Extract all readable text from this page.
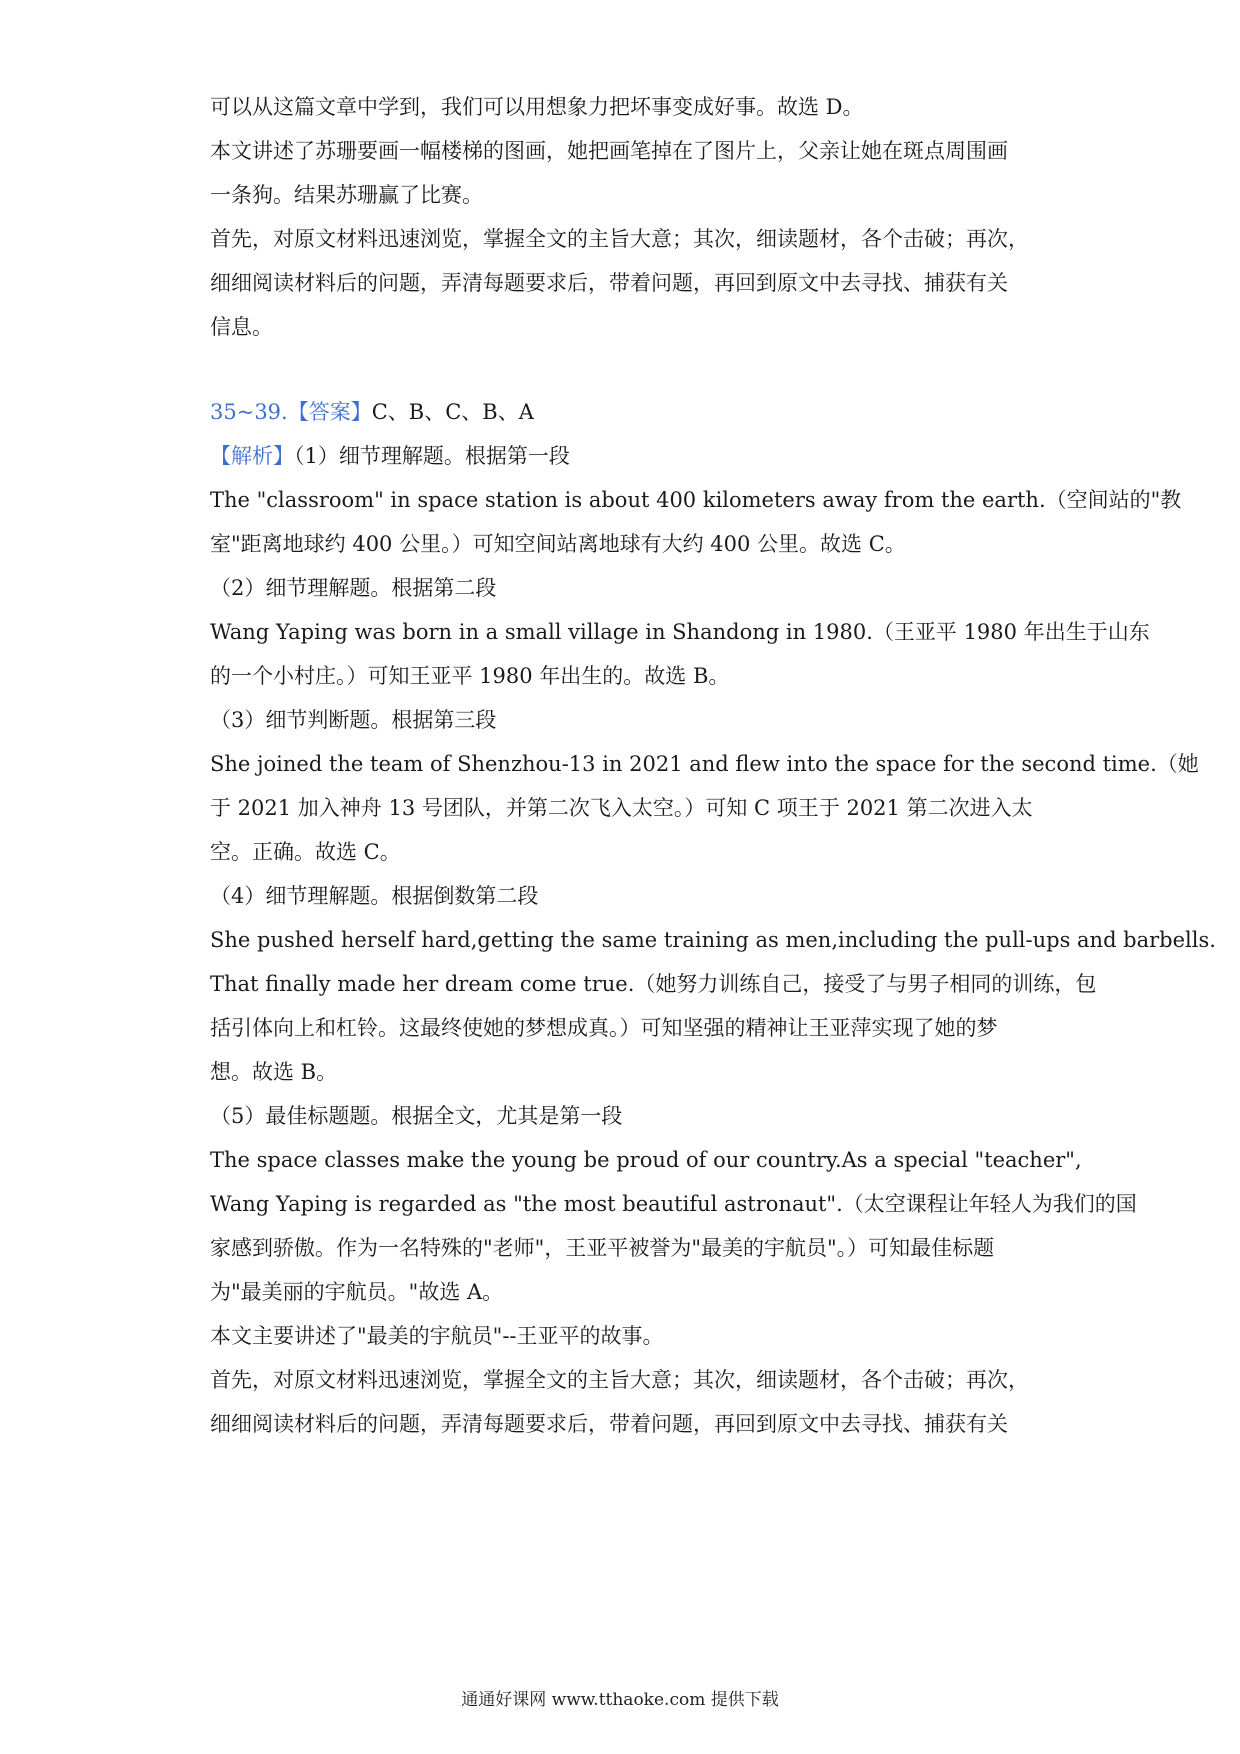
可以从这篇文章中学到，我们可以用想象力把坏事变成好事。故选 D。
本文讲述了苏珊要画一幅楼梯的图画，她把画笔掉在了图片上，父亲让她在斑点周围画
一条狗。结果苏珊赢了比赛。
首先，对原文材料迅速浏览，掌握全文的主旨大意；其次，细读题材，各个击破；再次，
细细阅读材料后的问题，弄清每题要求后，带着问题，再回到原文中去寻找、捕获有关
信息。
35~39.【答案】C、B、C、B、A
【解析】（1）细节理解题。根据第一段
The "classroom" in space station is about 400 kilometers away from the earth.（空间站的"教
室"距离地球约 400 公里。）可知空间站离地球有大约 400 公里。故选 C。
（2）细节理解题。根据第二段
Wang Yaping was born in a small village in Shandong in 1980.（王亚平 1980 年出生于山东
的一个小村庄。）可知王亚平 1980 年出生的。故选 B。
（3）细节判断题。根据第三段
She joined the team of Shenzhou-13 in 2021 and flew into the space for the second time.（她
于 2021 加入神舟 13 号团队，并第二次飞入太空。）可知 C 项王于 2021 第二次进入太
空。正确。故选 C。
（4）细节理解题。根据倒数第二段
She pushed herself hard,getting the same training as men,including the pull-ups and barbells.
That finally made her dream come true.（她努力训练自己，接受了与男子相同的训练，包
括引体向上和杠铃。这最终使她的梦想成真。）可知坚强的精神让王亚萍实现了她的梦
想。故选 B。
（5）最佳标题题。根据全文，尤其是第一段
The space classes make the young be proud of our country.As a special "teacher",
Wang Yaping is regarded as "the most beautiful astronaut".（太空课程让年轻人为我们的国
家感到骄傲。作为一名特殊的"老师"，王亚平被誉为"最美的宇航员"。）可知最佳标题
为"最美丽的宇航员。"故选 A。
本文主要讲述了"最美的宇航员"--王亚平的故事。
首先，对原文材料迅速浏览，掌握全文的主旨大意；其次，细读题材，各个击破；再次，
细细阅读材料后的问题，弄清每题要求后，带着问题，再回到原文中去寻找、捕获有关
通通好课网 www.tthaoke.com 提供下载
